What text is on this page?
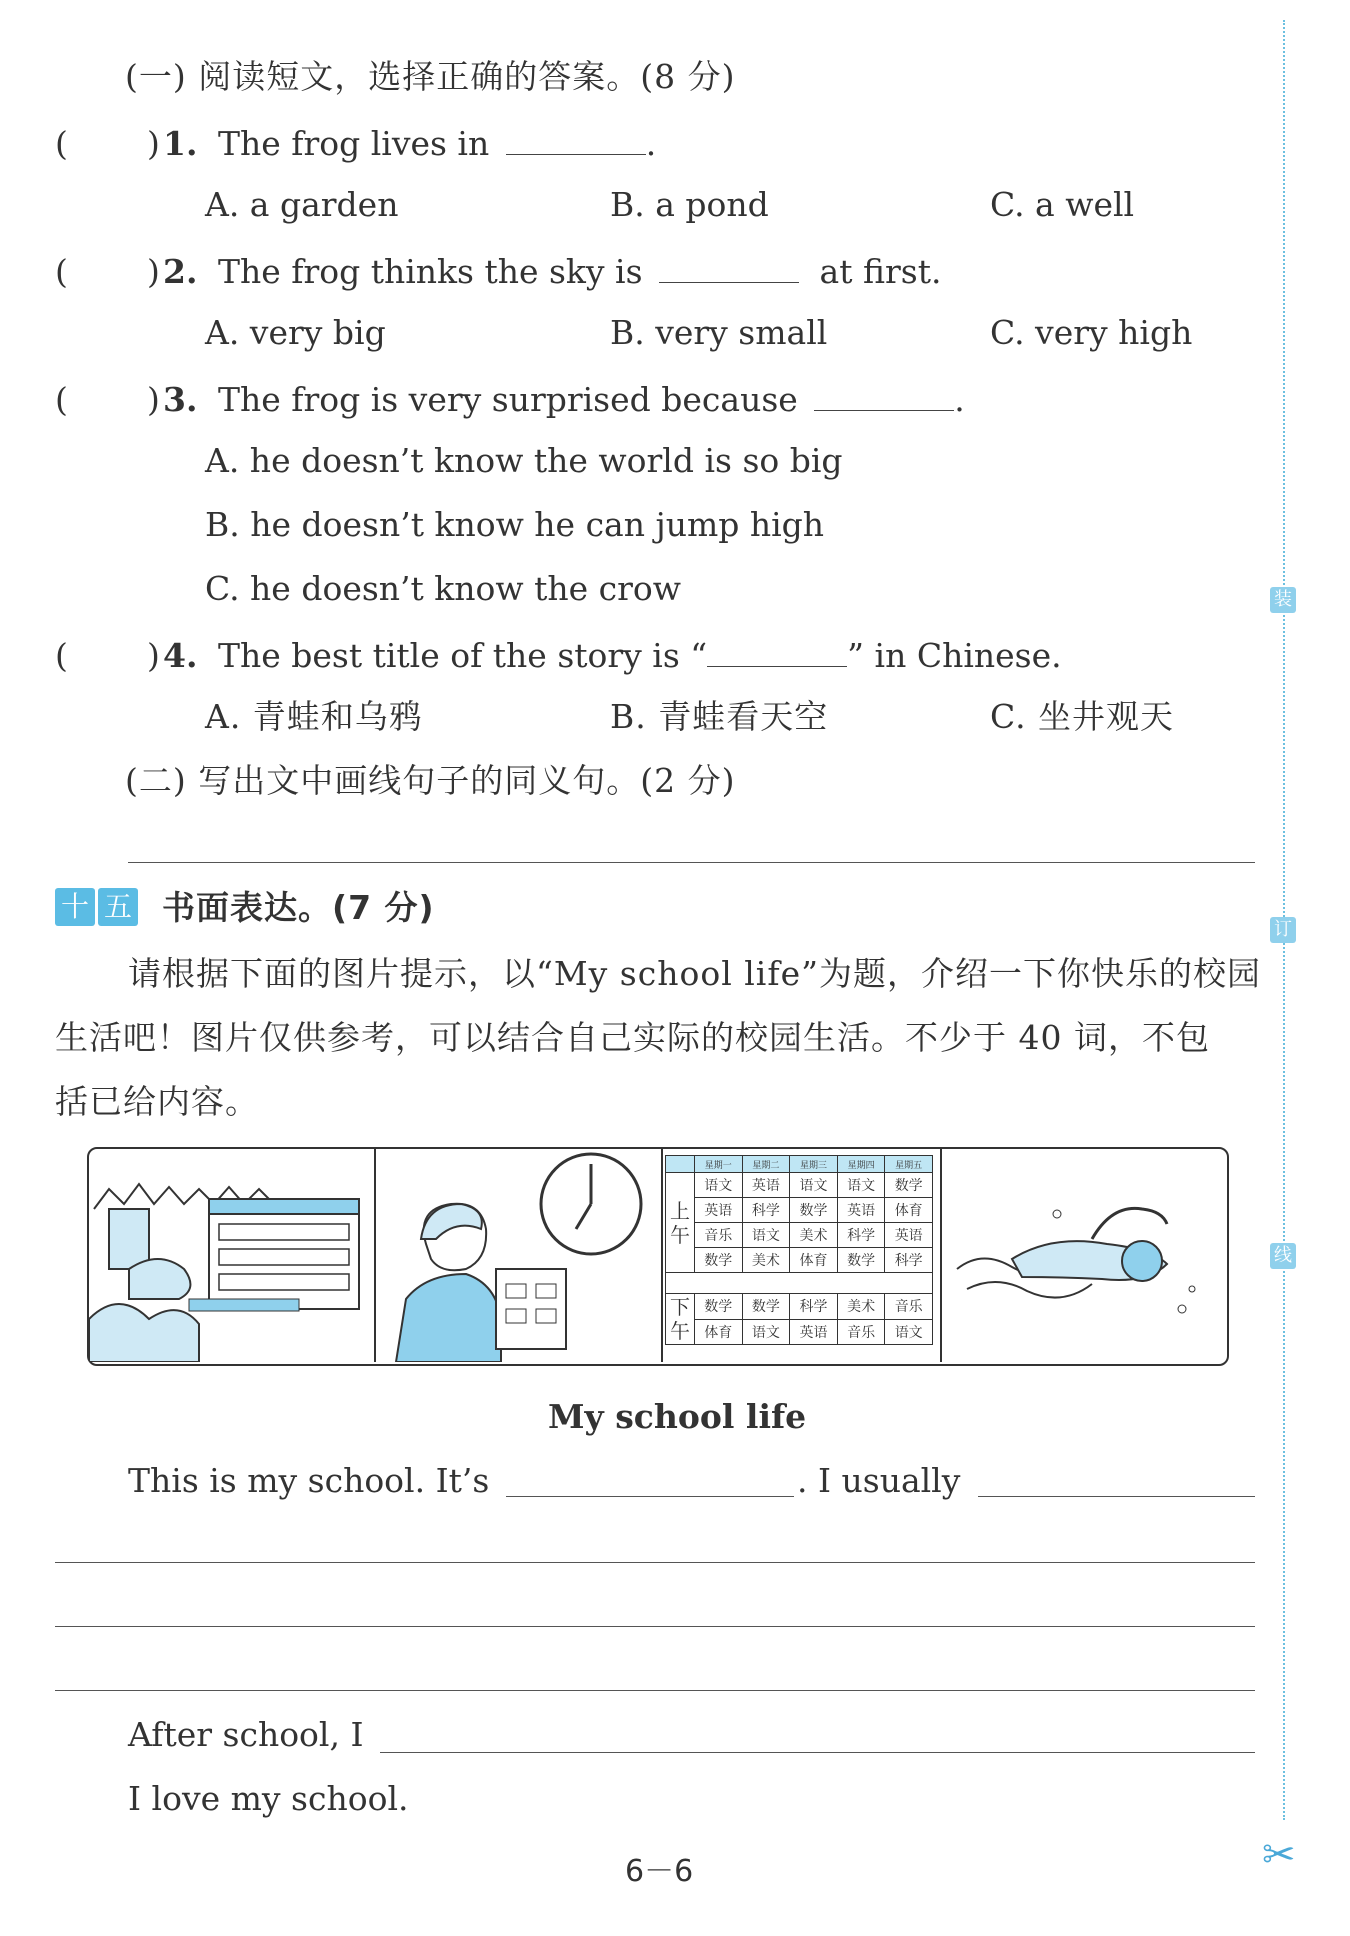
装
订
线
✂
(一) 阅读短文，选择正确的答案。(8 分)
( ) 1. The frog lives in	.
A. a garden	B. a pond	C. a well
( ) 2. The frog thinks the sky is	at first.
A. very big	B. very small	C. very high
( ) 3. The frog is very surprised because	.
A. he doesn’t know the world is so big
B. he doesn’t know he can jump high
C. he doesn’t know the crow
( ) 4. The best title of the story is “	” in Chinese.
A. 青蛙和乌鸦	B. 青蛙看天空	C. 坐井观天
(二) 写出文中画线句子的同义句。(2 分)
十 五 书面表达。(7 分)
请根据下面的图片提示，以“My school life”为题，介绍一下你快乐的校园
生活吧！图片仅供参考，可以结合自己实际的校园生活。不少于 40 词，不包
括已给内容。
	星期一	星期二	星期三	星期四	星期五
上
午	语文	英语	语文	语文	数学
	英语	科学	数学	英语	体育
	音乐	语文	美术	科学	英语
	数学	美术	体育	数学	科学

下
午	数学	数学	科学	美术	音乐
	体育	语文	英语	音乐	语文
My school life
This is my school. It’s	. I usually
After school, I
I love my school.
6－6
